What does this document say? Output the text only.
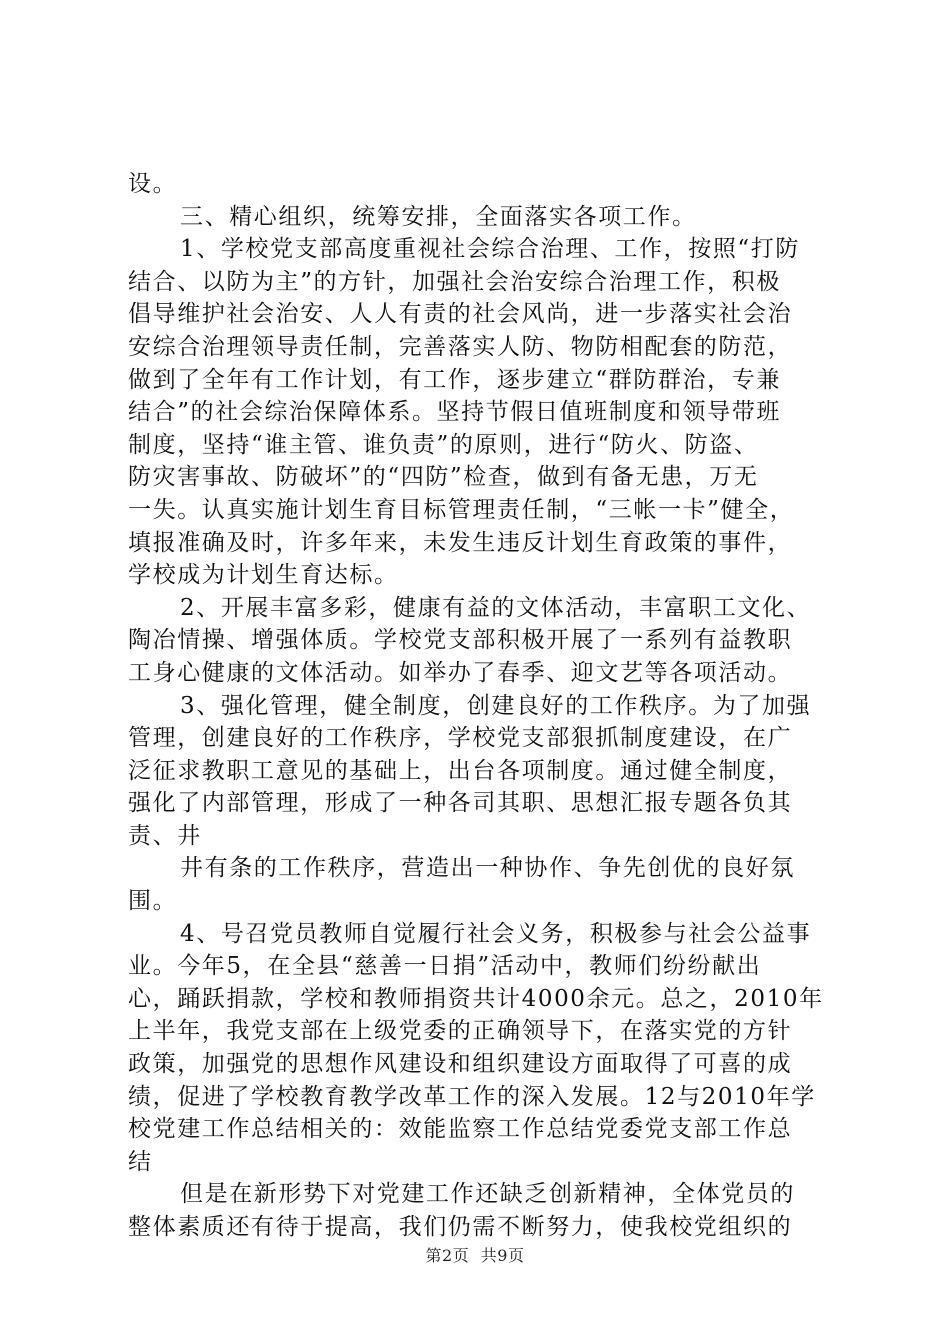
设。
三、精心组织，统筹安排，全面落实各项工作。
1、学校党支部高度重视社会综合治理、工作，按照“打防
结合、以防为主”的方针，加强社会治安综合治理工作，积极
倡导维护社会治安、人人有责的社会风尚，进一步落实社会治
安综合治理领导责任制，完善落实人防、物防相配套的防范，
做到了全年有工作计划，有工作，逐步建立“群防群治，专兼
结合”的社会综治保障体系。坚持节假日值班制度和领导带班
制度，坚持“谁主管、谁负责”的原则，进行“防火、防盗、
防灾害事故、防破坏”的“四防”检查，做到有备无患，万无
一失。认真实施计划生育目标管理责任制，“三帐一卡”健全，
填报准确及时，许多年来，未发生违反计划生育政策的事件，
学校成为计划生育达标。
2、开展丰富多彩，健康有益的文体活动，丰富职工文化、
陶冶情操、增强体质。学校党支部积极开展了一系列有益教职
工身心健康的文体活动。如举办了春季、迎文艺等各项活动。
3、强化管理，健全制度，创建良好的工作秩序。为了加强
管理，创建良好的工作秩序，学校党支部狠抓制度建设，在广
泛征求教职工意见的基础上，出台各项制度。通过健全制度，
强化了内部管理，形成了一种各司其职、思想汇报专题各负其
责、井
井有条的工作秩序，营造出一种协作、争先创优的良好氛
围。
4、号召党员教师自觉履行社会义务，积极参与社会公益事
业。今年5，在全县“慈善一日捐”活动中，教师们纷纷献出
心，踊跃捐款，学校和教师捐资共计4000余元。总之，2010年
上半年，我党支部在上级党委的正确领导下，在落实党的方针
政策，加强党的思想作风建设和组织建设方面取得了可喜的成
绩，促进了学校教育教学改革工作的深入发展。12与2010年学
校党建工作总结相关的：效能监察工作总结党委党支部工作总
结
但是在新形势下对党建工作还缺乏创新精神，全体党员的
整体素质还有待于提高，我们仍需不断努力，使我校党组织的
第2页 共9页
